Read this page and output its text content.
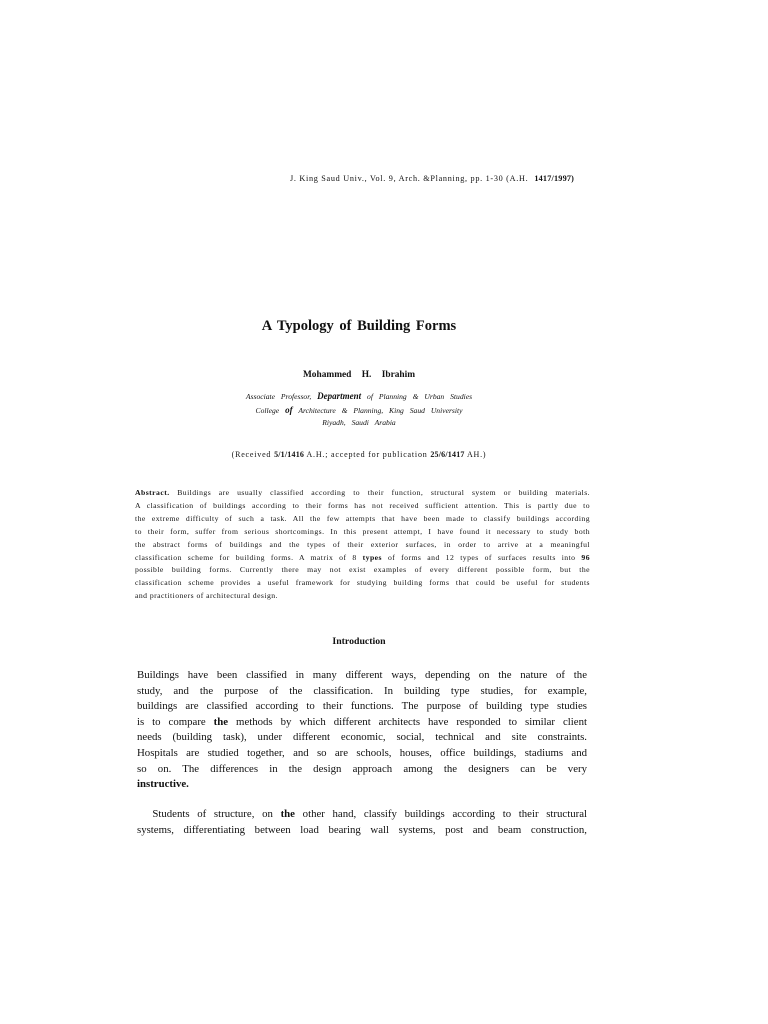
J. King Saud Univ., Vol. 9, Arch. &Planning, pp. 1-30 (A.H. 1417/1997)
A Typology of Building Forms
Mohammed H. Ibrahim
Associate Professor, Department of Planning & Urban Studies
College of Architecture & Planning, King Saud University
Riyadh, Saudi Arabia
(Received 5/1/1416 A.H.; accepted for publication 25/6/1417 AH.)
Abstract. Buildings are usually classified according to their function, structural system or building materials.
A classification of buildings according to their forms has not received sufficient attention. This is partly due to
the extreme difficulty of such a task. All the few attempts that have been made to classify buildings according
to their form, suffer from serious shortcomings. In this present attempt, I have found it necessary to study both
the abstract forms of buildings and the types of their exterior surfaces, in order to arrive at a meaningful
classification scheme for building forms. A matrix of 8 types of forms and 12 types of surfaces results into 96
possible building forms. Currently there may not exist examples of every different possible form, but the
classification scheme provides a useful framework for studying building forms that could be useful for students
and practitioners of architectural design.
Introduction
Buildings have been classified in many different ways, depending on the nature of the
study, and the purpose of the classification. In building type studies, for example,
buildings are classified according to their functions. The purpose of building type studies
is to compare the methods by which different architects have responded to similar client
needs (building task), under different economic, social, technical and site constraints.
Hospitals are studied together, and so are schools, houses, office buildings, stadiums and
so on. The differences in the design approach among the designers can be very
instructive.
Students of structure, on the other hand, classify buildings according to their structural
systems, differentiating between load bearing wall systems, post and beam construction,
